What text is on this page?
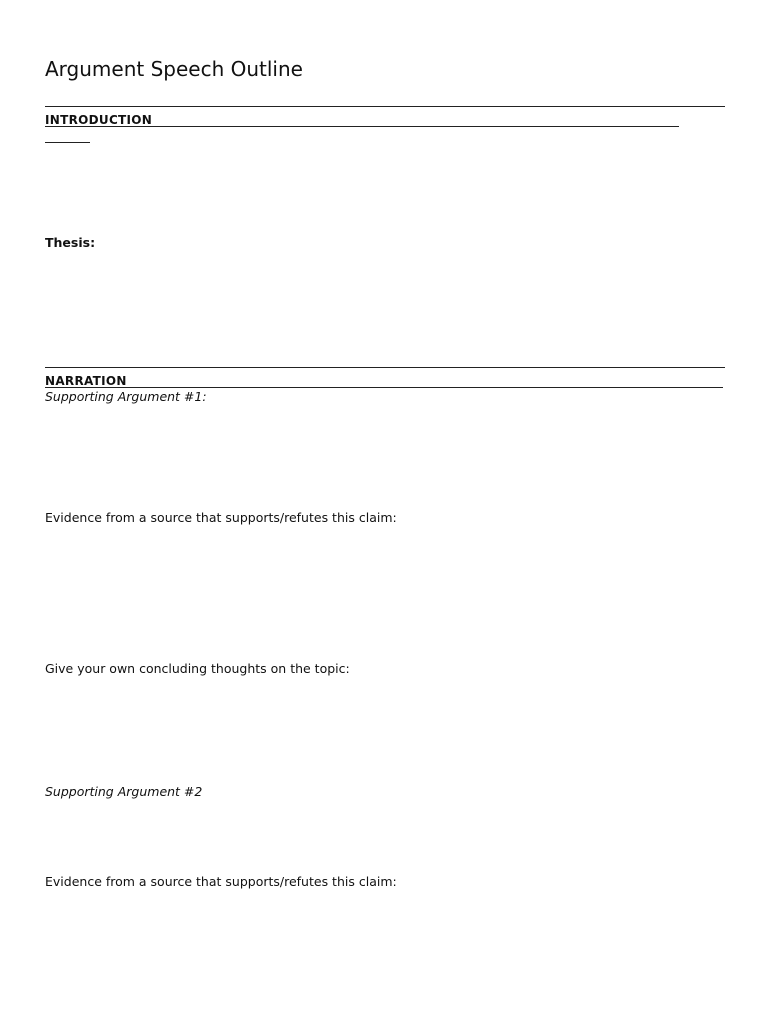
Argument Speech Outline
INTRODUCTION
Thesis:
NARRATION
Supporting Argument #1:
Evidence from a source that supports/refutes this claim:
Give your own concluding thoughts on the topic:
Supporting Argument #2
Evidence from a source that supports/refutes this claim:
